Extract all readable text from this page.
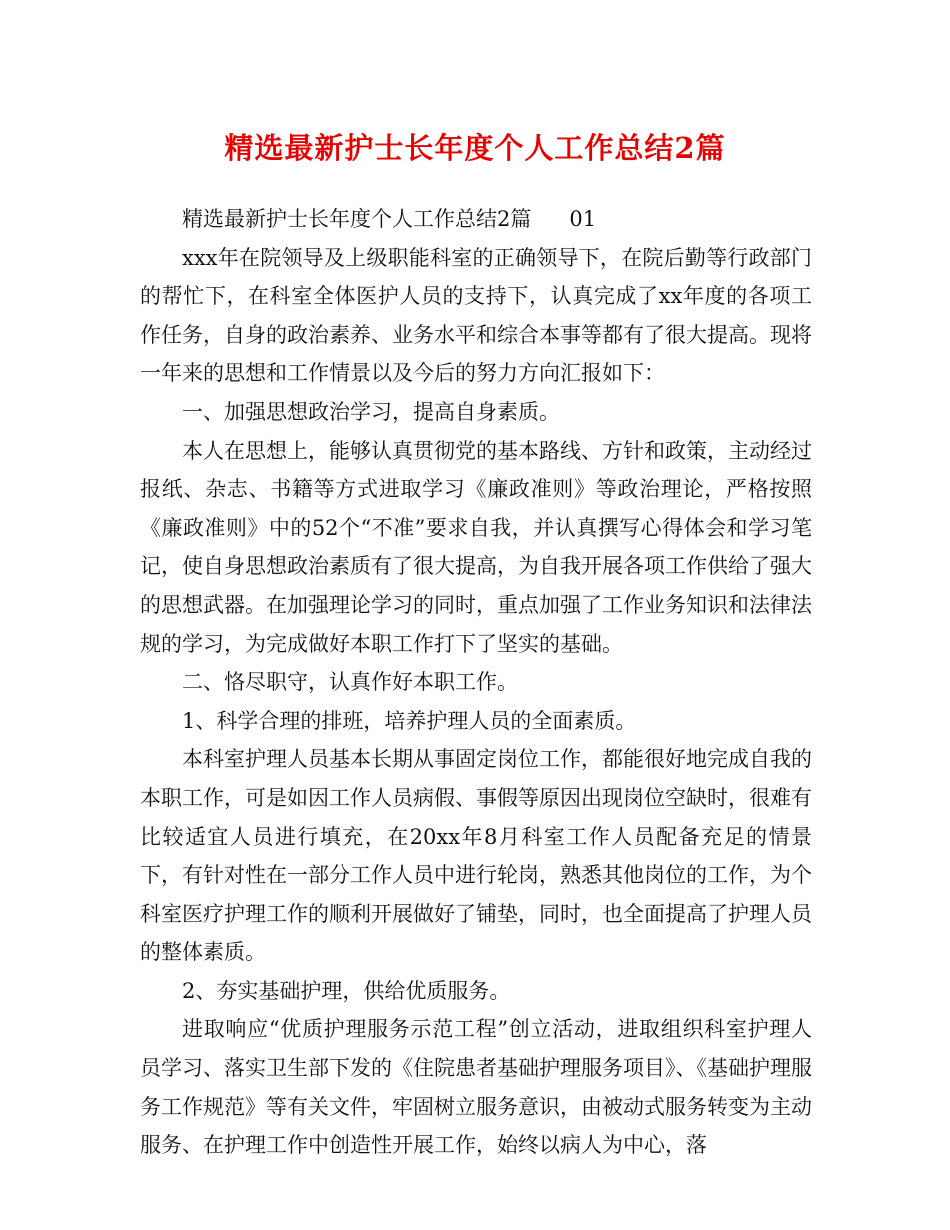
精选最新护士长年度个人工作总结2篇

精选最新护士长年度个人工作总结2篇 01

xxx年在院领导及上级职能科室的正确领导下，在院后勤等行政部门的帮忙下，在科室全体医护人员的支持下，认真完成了xx年度的各项工作任务，自身的政治素养、业务水平和综合本事等都有了很大提高。现将一年来的思想和工作情景以及今后的努力方向汇报如下：

一、加强思想政治学习，提高自身素质。

本人在思想上，能够认真贯彻党的基本路线、方针和政策，主动经过报纸、杂志、书籍等方式进取学习《廉政准则》等政治理论，严格按照《廉政准则》中的52个“不准”要求自我，并认真撰写心得体会和学习笔记，使自身思想政治素质有了很大提高，为自我开展各项工作供给了强大的思想武器。在加强理论学习的同时，重点加强了工作业务知识和法律法规的学习，为完成做好本职工作打下了坚实的基础。

二、恪尽职守，认真作好本职工作。

1、科学合理的排班，培养护理人员的全面素质。

本科室护理人员基本长期从事固定岗位工作，都能很好地完成自我的本职工作，可是如因工作人员病假、事假等原因出现岗位空缺时，很难有比较适宜人员进行填充，在20xx年8月科室工作人员配备充足的情景下，有针对性在一部分工作人员中进行轮岗，熟悉其他岗位的工作，为个科室医疗护理工作的顺利开展做好了铺垫，同时，也全面提高了护理人员的整体素质。

2、夯实基础护理，供给优质服务。

进取响应“优质护理服务示范工程”创立活动，进取组织科室护理人员学习、落实卫生部下发的《住院患者基础护理服务项目》、《基础护理服务工作规范》等有关文件，牢固树立服务意识，由被动式服务转变为主动服务、在护理工作中创造性开展工作，始终以病人为中心，落
